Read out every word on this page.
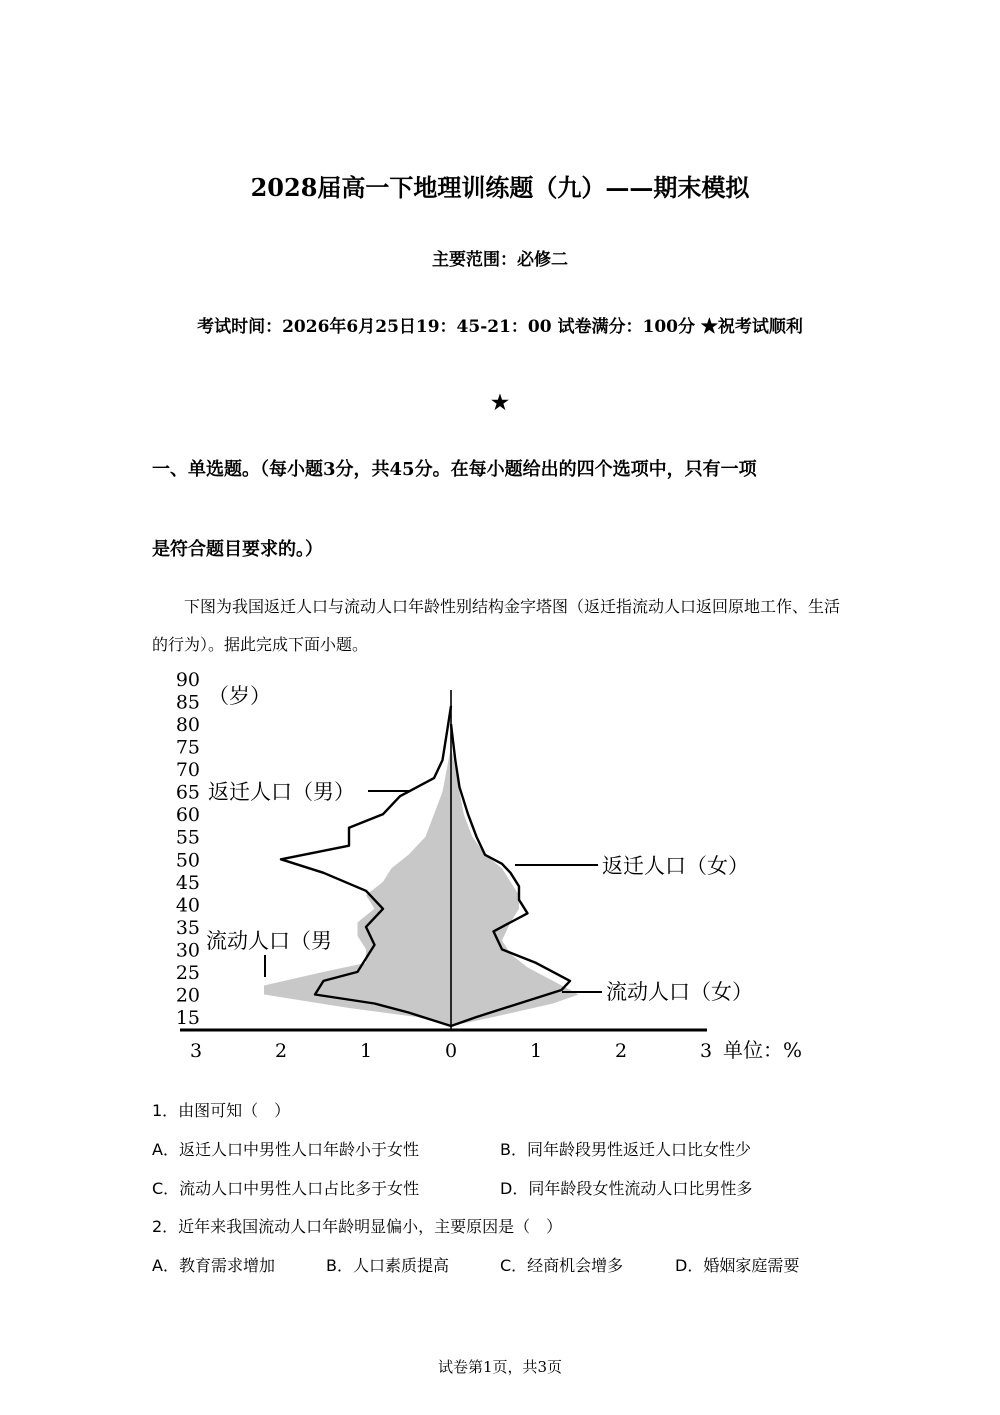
2028届高一下地理训练题（九）——期末模拟
主要范围：必修二
考试时间：2026年6月25日19：45-21：00 试卷满分：100分 ★祝考试顺利
★
一、单选题。（每小题3分，共45分。在每小题给出的四个选项中，只有一项
是符合题目要求的。）
下图为我国返迁人口与流动人口年龄性别结构金字塔图（返迁指流动人口返回原地工作、生活的行为）。据此完成下面小题。
90
85
80
75
70
65
60
55
50
45
40
35
30
25
20
15
（岁）
3	2	1	0	1	2	3 单位：%
返迁人口（男）
返迁人口（女）
流动人口（男
流动人口（女）
1．由图可知（　）
A．返迁人口中男性人口年龄小于女性	B．同年龄段男性返迁人口比女性少
C．流动人口中男性人口占比多于女性	D．同年龄段女性流动人口比男性多
2．近年来我国流动人口年龄明显偏小，主要原因是（　）
A．教育需求增加	B．人口素质提高	C．经商机会增多	D．婚姻家庭需要
试卷第1页，共3页
